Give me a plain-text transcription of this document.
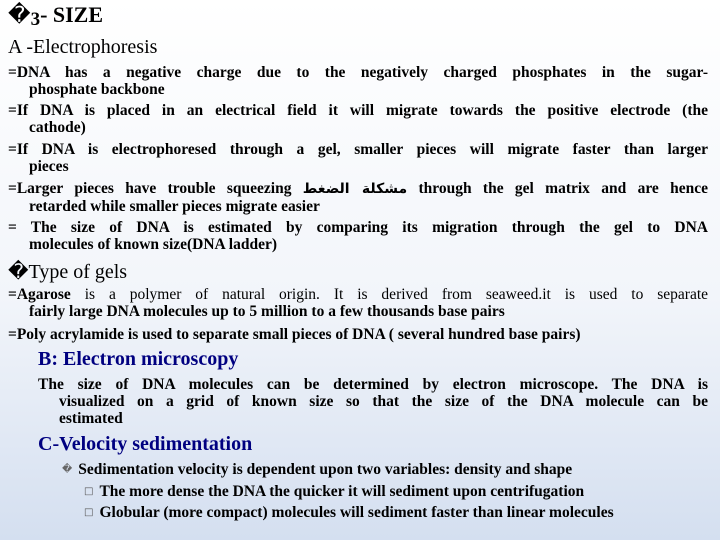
�3- SIZE
A -Electrophoresis

=DNA has a negative charge due to the negatively charged phosphates in the sugar-
phosphate backbone

=If DNA is placed in an electrical field it will migrate towards the positive electrode (the
cathode)

=If DNA is electrophoresed through a gel, smaller pieces will migrate faster than larger
pieces

=Larger pieces have trouble squeezing مشكلة الضغط through the gel matrix and are hence
retarded while smaller pieces migrate easier

= The size of DNA is estimated by comparing its migration through the gel to DNA
molecules of known size(DNA ladder)

�Type of gels

=Agarose is a polymer of natural origin. It is derived from seaweed.it is used to separate
fairly large DNA molecules up to 5 million to a few thousands base pairs

=Poly acrylamide is used to separate small pieces of DNA ( several hundred base pairs)

B: Electron microscopy

The size of DNA molecules can be determined by electron microscope. The DNA is
visualized on a grid of known size so that the size of the DNA molecule can be
estimated

C-Velocity sedimentation
� Sedimentation velocity is dependent upon two variables: density and shape
□ The more dense the DNA the quicker it will sediment upon centrifugation
□ Globular (more compact) molecules will sediment faster than linear molecules
